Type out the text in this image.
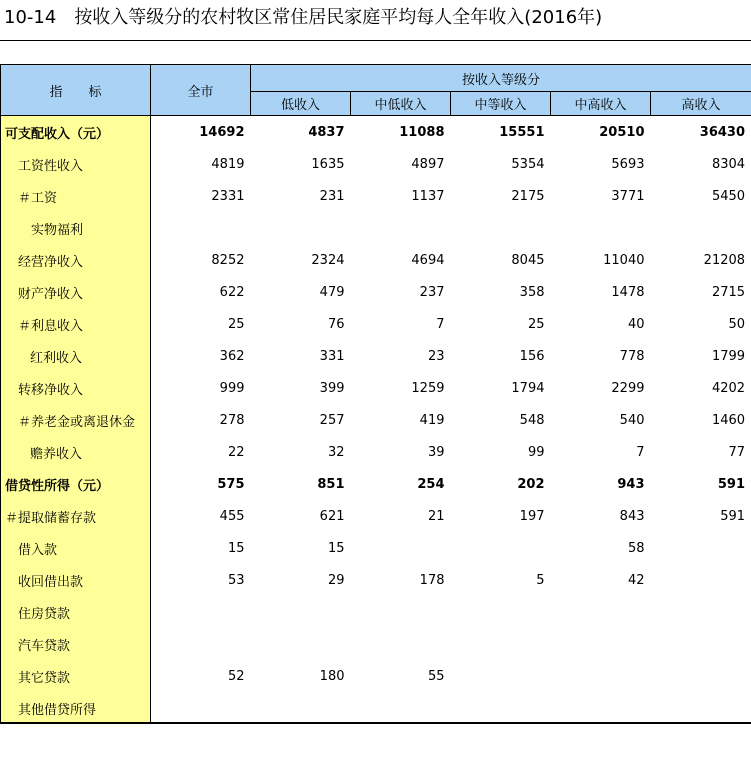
10-14 按收入等级分的农村牧区常住居民家庭平均每人全年收入(2016年)
指　　标	全市	按收入等级分				
		低收入	中低收入	中等收入	中高收入	高收入
可支配收入（元）	14692	4837	11088	15551	20510	36430
工资性收入	4819	1635	4897	5354	5693	8304
＃工资	2331	231	1137	2175	3771	5450
实物福利						
经营净收入	8252	2324	4694	8045	11040	21208
财产净收入	622	479	237	358	1478	2715
＃利息收入	25	76	7	25	40	50
红利收入	362	331	23	156	778	1799
转移净收入	999	399	1259	1794	2299	4202
＃养老金或离退休金	278	257	419	548	540	1460
赡养收入	22	32	39	99	7	77
借贷性所得（元）	575	851	254	202	943	591
＃提取储蓄存款	455	621	21	197	843	591
借入款	15	15			58	
收回借出款	53	29	178	5	42	
住房贷款						
汽车贷款						
其它贷款	52	180	55			
其他借贷所得						
